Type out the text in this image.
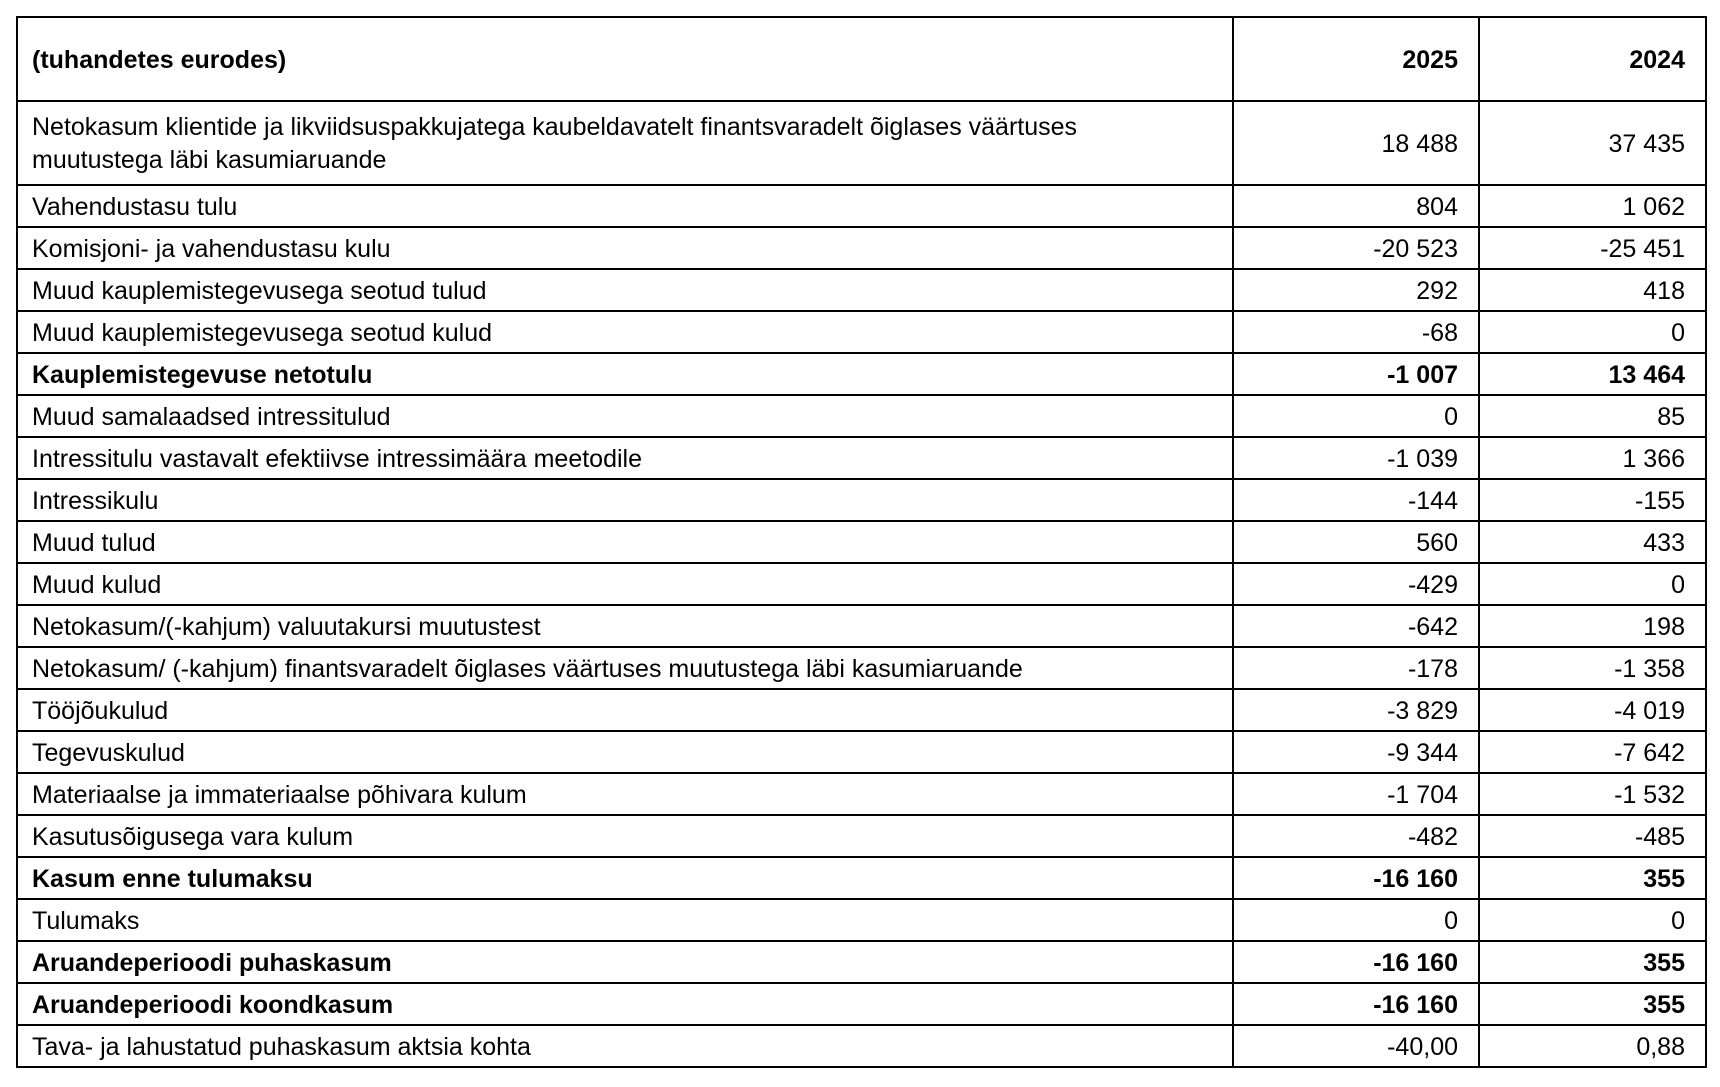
(tuhandetes eurodes)	2025	2024
Netokasum klientide ja likviidsuspakkujatega kaubeldavatelt finantsvaradelt õiglases väärtuses muutustega läbi kasumiaruande	18 488	37 435
Vahendustasu tulu	804	1 062
Komisjoni- ja vahendustasu kulu	-20 523	-25 451
Muud kauplemistegevusega seotud tulud	292	418
Muud kauplemistegevusega seotud kulud	-68	0
Kauplemistegevuse netotulu	-1 007	13 464
Muud samalaadsed intressitulud	0	85
Intressitulu vastavalt efektiivse intressimäära meetodile	-1 039	1 366
Intressikulu	-144	-155
Muud tulud	560	433
Muud kulud	-429	0
Netokasum/(-kahjum) valuutakursi muutustest	-642	198
Netokasum/ (-kahjum) finantsvaradelt õiglases väärtuses muutustega läbi kasumiaruande	-178	-1 358
Tööjõukulud	-3 829	-4 019
Tegevuskulud	-9 344	-7 642
Materiaalse ja immateriaalse põhivara kulum	-1 704	-1 532
Kasutusõigusega vara kulum	-482	-485
Kasum enne tulumaksu	-16 160	355
Tulumaks	0	0
Aruandeperioodi puhaskasum	-16 160	355
Aruandeperioodi koondkasum	-16 160	355
Tava- ja lahustatud puhaskasum aktsia kohta	-40,00	0,88
